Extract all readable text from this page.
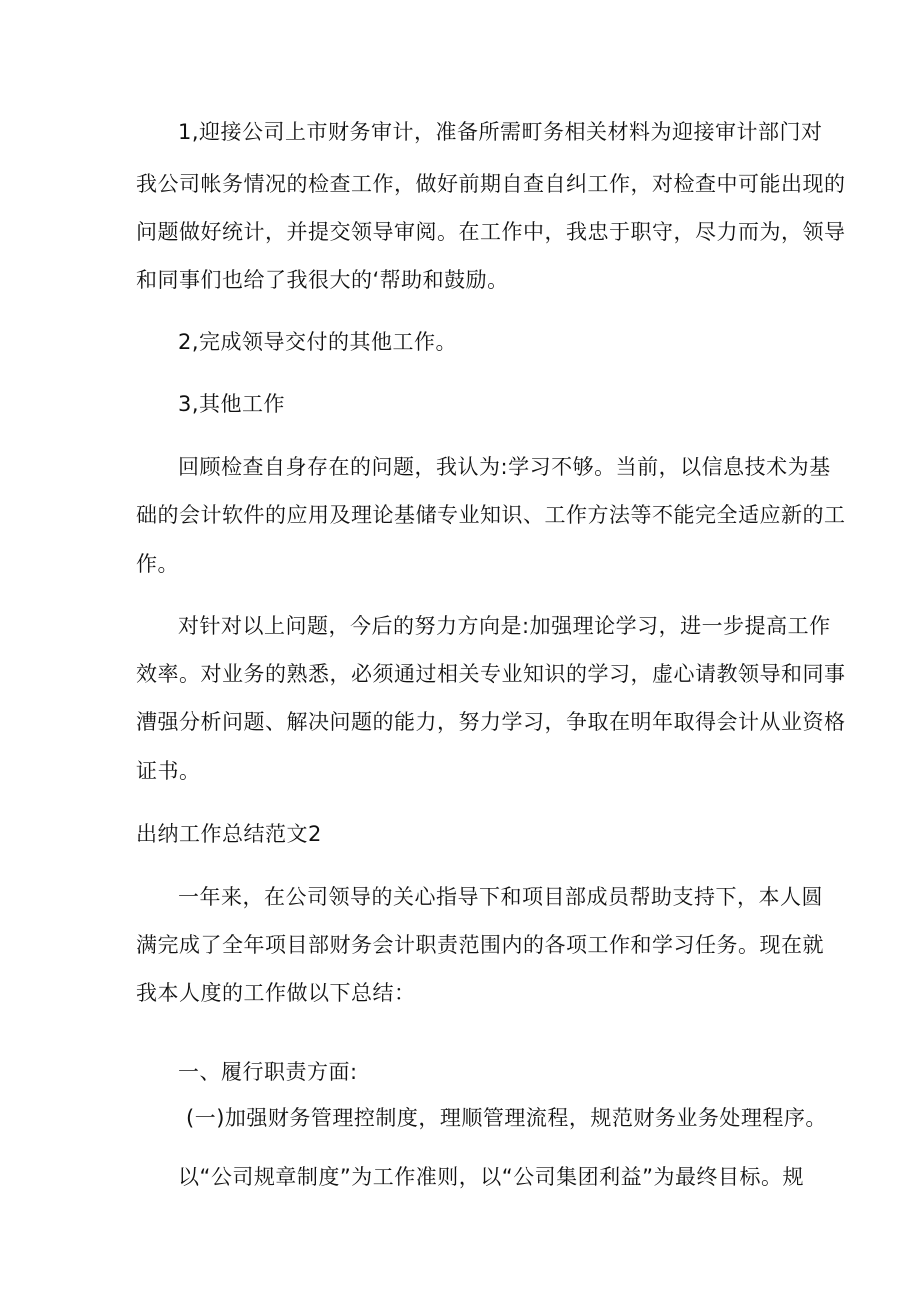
1,迎接公司上市财务审计，准备所需町务相关材料为迎接审计部门对
我公司帐务情况的检查工作，做好前期自查自纠工作，对检查中可能出现的
问题做好统计，并提交领导审阅。在工作中，我忠于职守，尽力而为，领导
和同事们也给了我很大的‘帮助和鼓励。
2,完成领导交付的其他工作。
3,其他工作
回顾检查自身存在的问题，我认为:学习不够。当前，以信息技术为基
础的会计软件的应用及理论基储专业知识、工作方法等不能完全适应新的工
作。
对针对以上问题，今后的努力方向是:加强理论学习，进一步提高工作
效率。对业务的熟悉，必须通过相关专业知识的学习，虚心请教领导和同事
漕强分析问题、解决问题的能力，努力学习，争取在明年取得会计从业资格
证书。
出纳工作总结范文2
一年来，在公司领导的关心指导下和项目部成员帮助支持下，本人圆
满完成了全年项目部财务会计职责范围内的各项工作和学习任务。现在就
我本人度的工作做以下总结：
一、履行职责方面:
(一)加强财务管理控制度，理顺管理流程，规范财务业务处理程序。
以“公司规章制度”为工作准则，以“公司集团利益”为最终目标。规
